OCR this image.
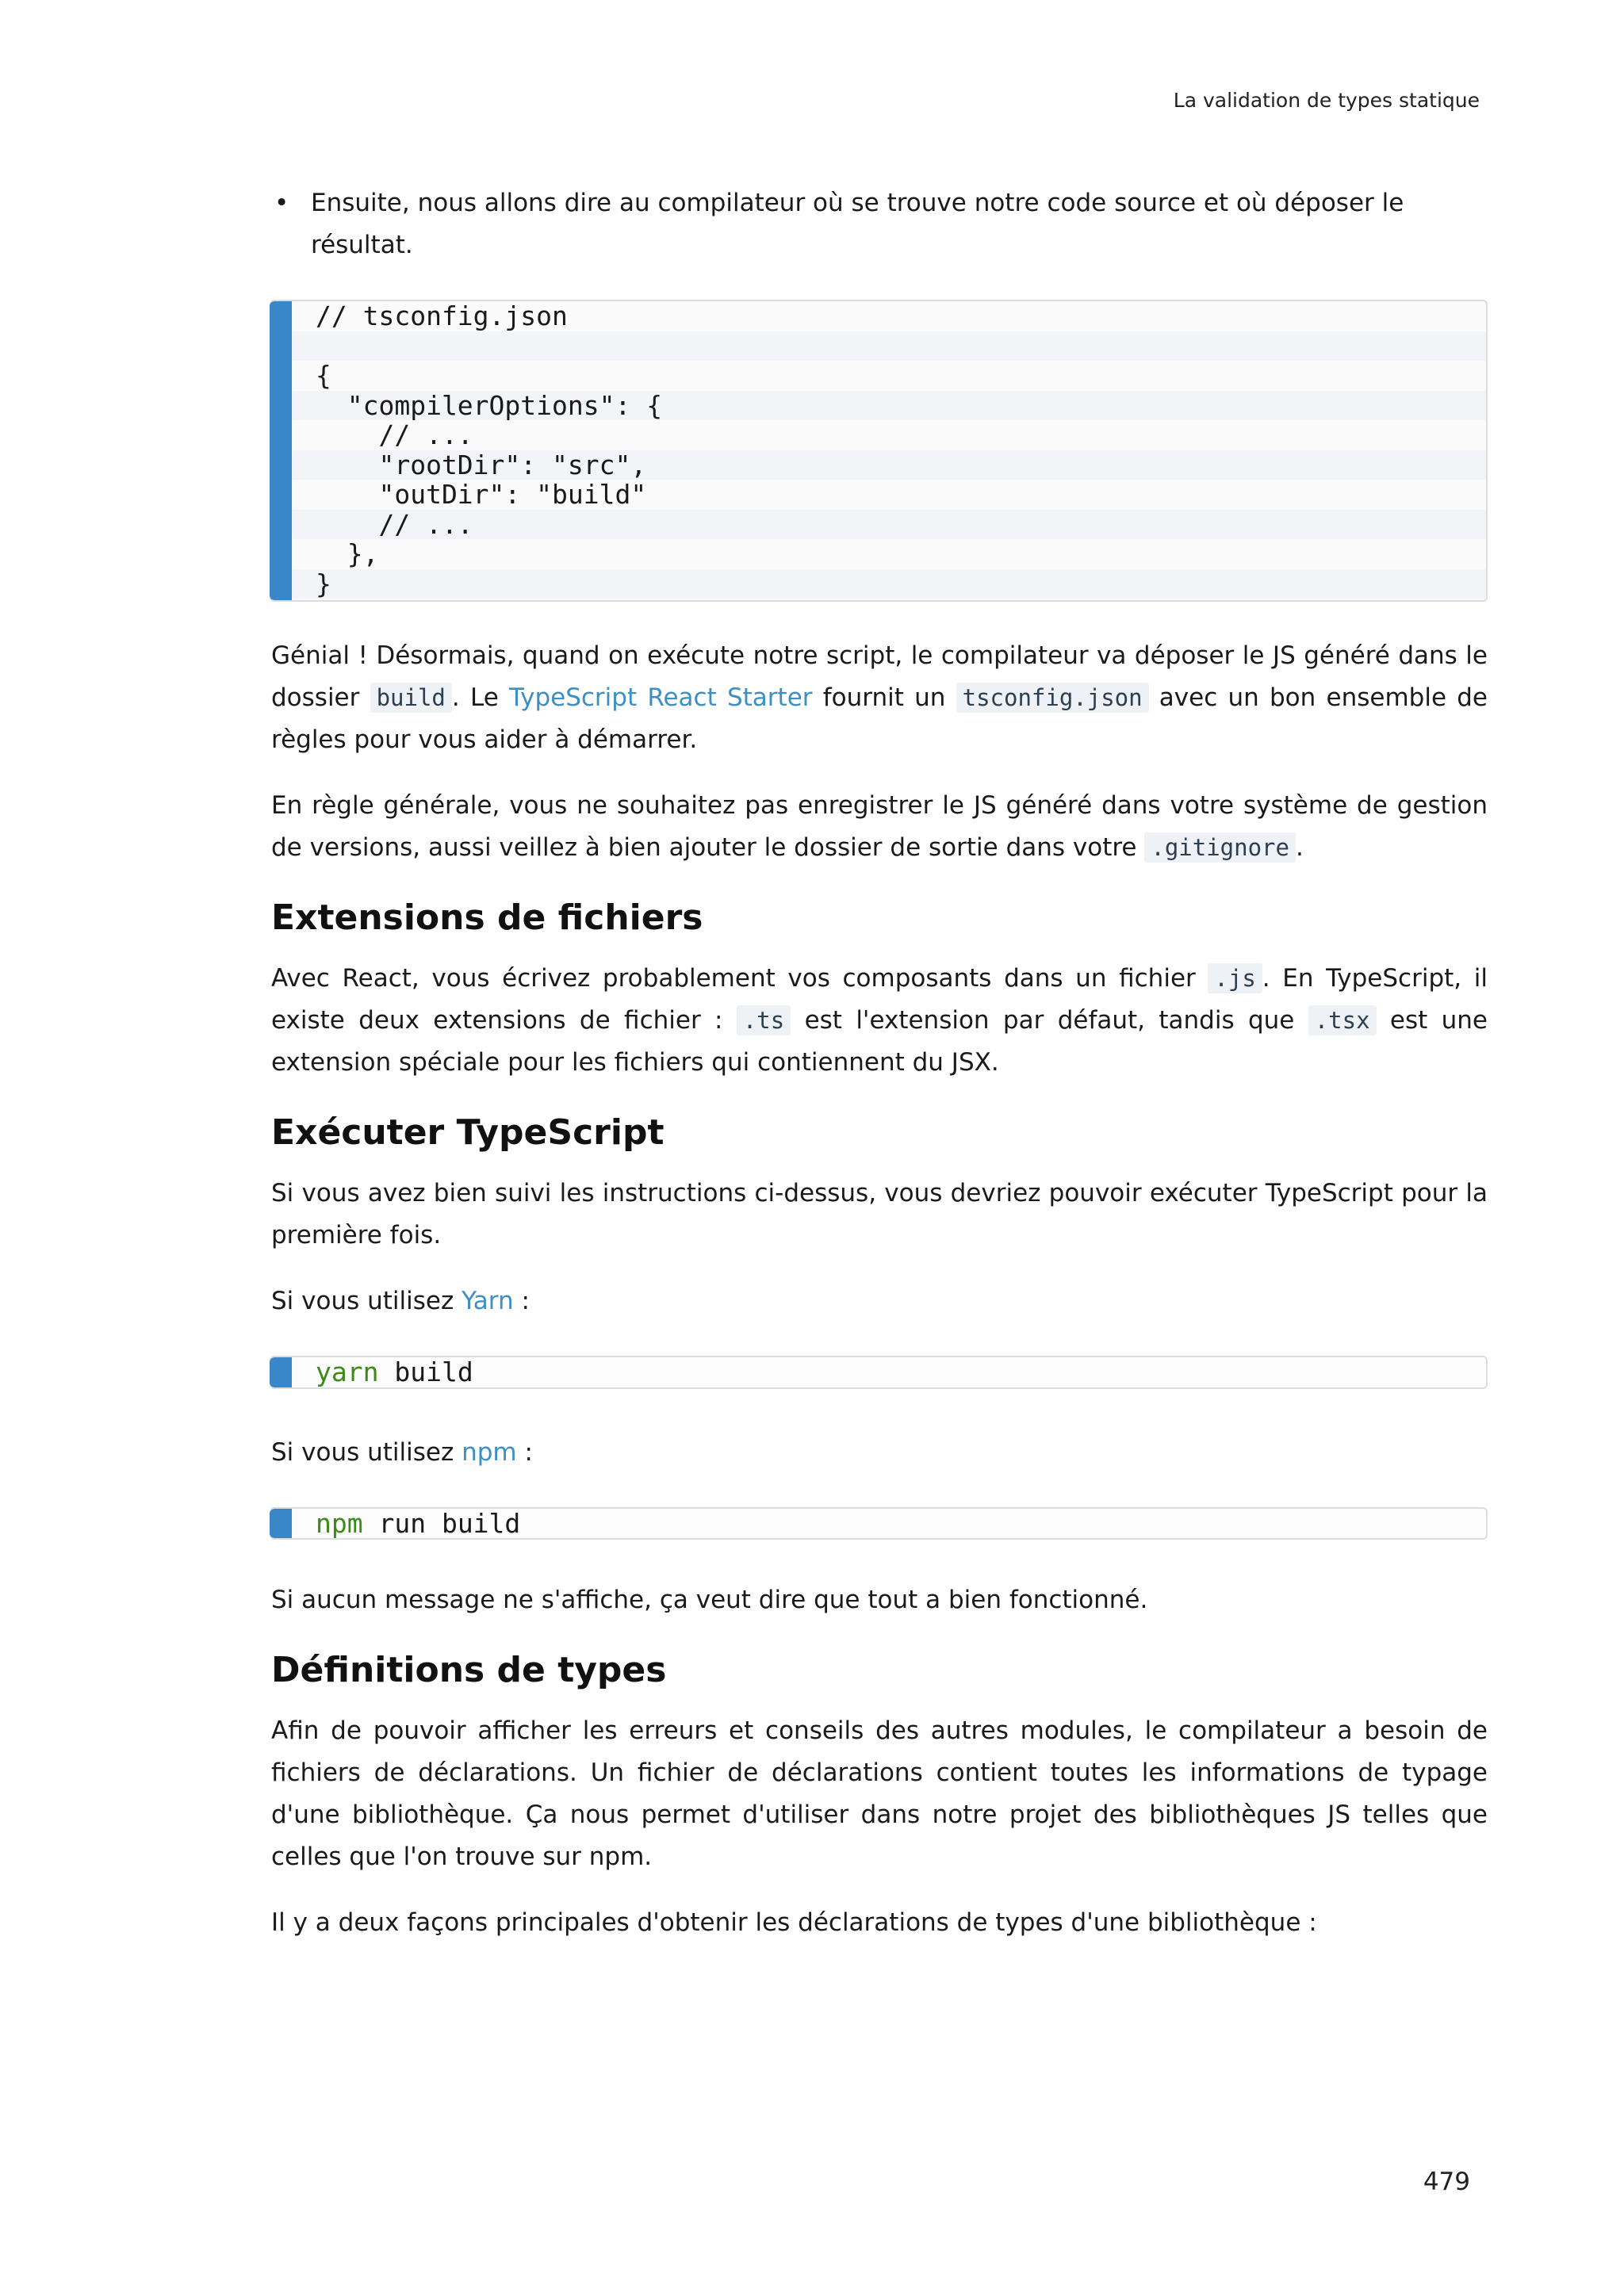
La validation de types statique
• Ensuite, nous allons dire au compilateur où se trouve notre code source et où déposer le résultat.
// tsconfig.json
{
"compilerOptions": {
// ...
"rootDir": "src",
"outDir": "build"
// ...
},
}

Génial ! Désormais, quand on exécute notre script, le compilateur va déposer le JS généré dans le dossier build . Le TypeScript React Starter fournit un tsconfig.json avec un bon ensemble de règles pour vous aider à démarrer.

En règle générale, vous ne souhaitez pas enregistrer le JS généré dans votre système de gestion de versions, aussi veillez à bien ajouter le dossier de sortie dans votre .gitignore .

Extensions de fichiers

Avec React, vous écrivez probablement vos composants dans un fichier .js . En TypeScript, il existe deux extensions de fichier : .ts est l'extension par défaut, tandis que .tsx est une extension spéciale pour les fichiers qui contiennent du JSX.

Exécuter TypeScript

Si vous avez bien suivi les instructions ci-dessus, vous devriez pouvoir exécuter TypeScript pour la première fois.

Si vous utilisez Yarn :

yarn build

Si vous utilisez npm :

npm run build

Si aucun message ne s'affiche, ça veut dire que tout a bien fonctionné.

Définitions de types

Afin de pouvoir afficher les erreurs et conseils des autres modules, le compilateur a besoin de fichiers de déclarations. Un fichier de déclarations contient toutes les informations de typage d'une bibliothèque. Ça nous permet d'utiliser dans notre projet des bibliothèques JS telles que celles que l'on trouve sur npm.

Il y a deux façons principales d'obtenir les déclarations de types d'une bibliothèque :

479
